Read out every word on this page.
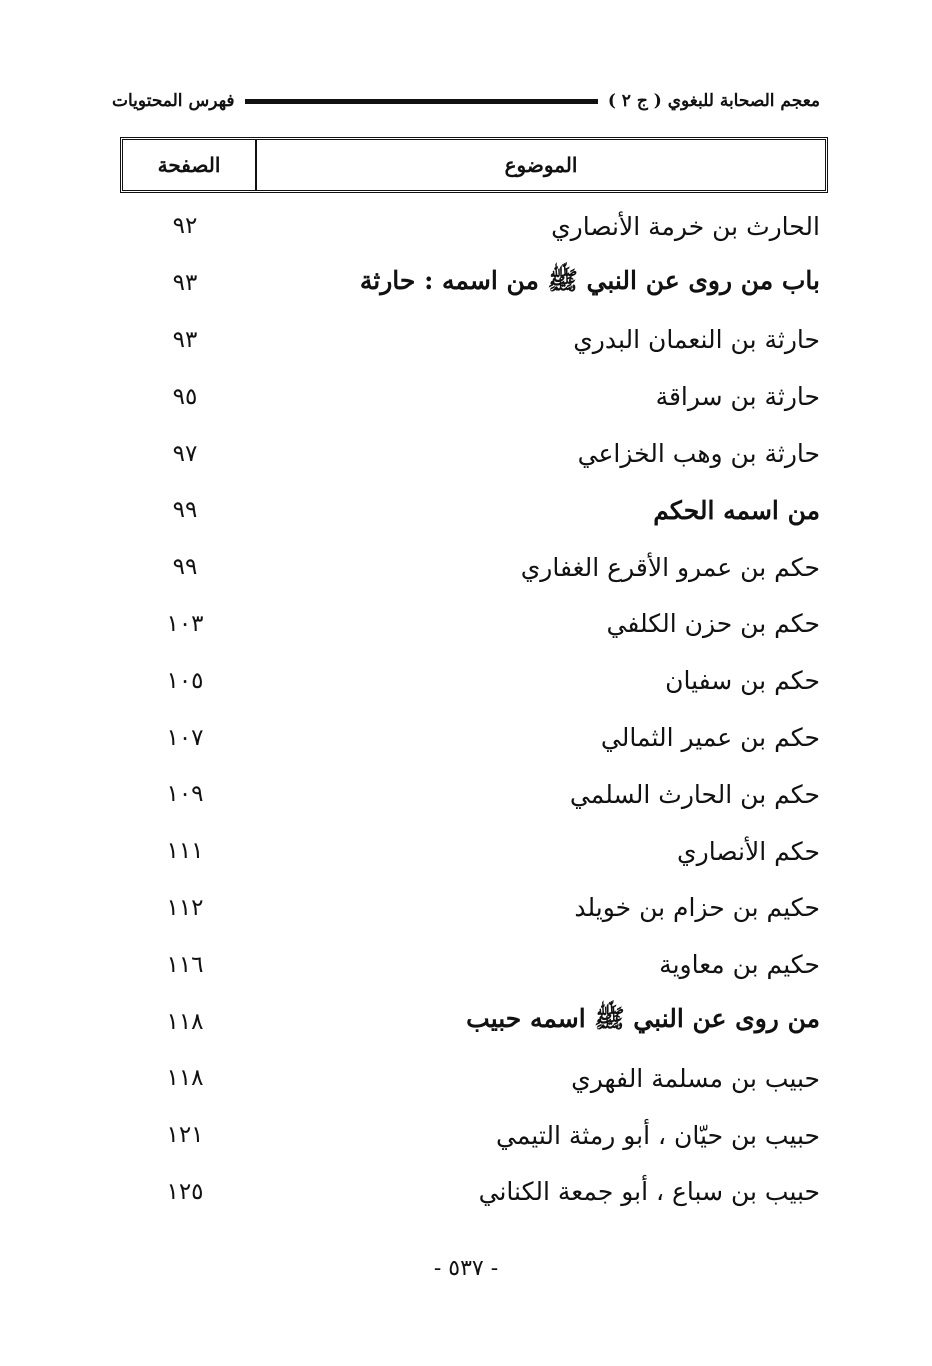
معجم الصحابة للبغوي ( ج ٢ )
فهرس المحتويات
الموضوع
الصفحة
الحارث بن خرمة الأنصاري
٩٢
باب من روى عن النبي ﷺ من اسمه : حارثة
٩٣
حارثة بن النعمان البدري
٩٣
حارثة بن سراقة
٩٥
حارثة بن وهب الخزاعي
٩٧
من اسمه الحكم
٩٩
حكم بن عمرو الأقرع الغفاري
٩٩
حكم بن حزن الكلفي
١٠٣
حكم بن سفيان
١٠٥
حكم بن عمير الثمالي
١٠٧
حكم بن الحارث السلمي
١٠٩
حكم الأنصاري
١١١
حكيم بن حزام بن خويلد
١١٢
حكيم بن معاوية
١١٦
من روى عن النبي ﷺ اسمه حبيب
١١٨
حبيب بن مسلمة الفهري
١١٨
حبيب بن حيّان ، أبو رمثة التيمي
١٢١
حبيب بن سباع ، أبو جمعة الكناني
١٢٥
- ٥٣٧ -
